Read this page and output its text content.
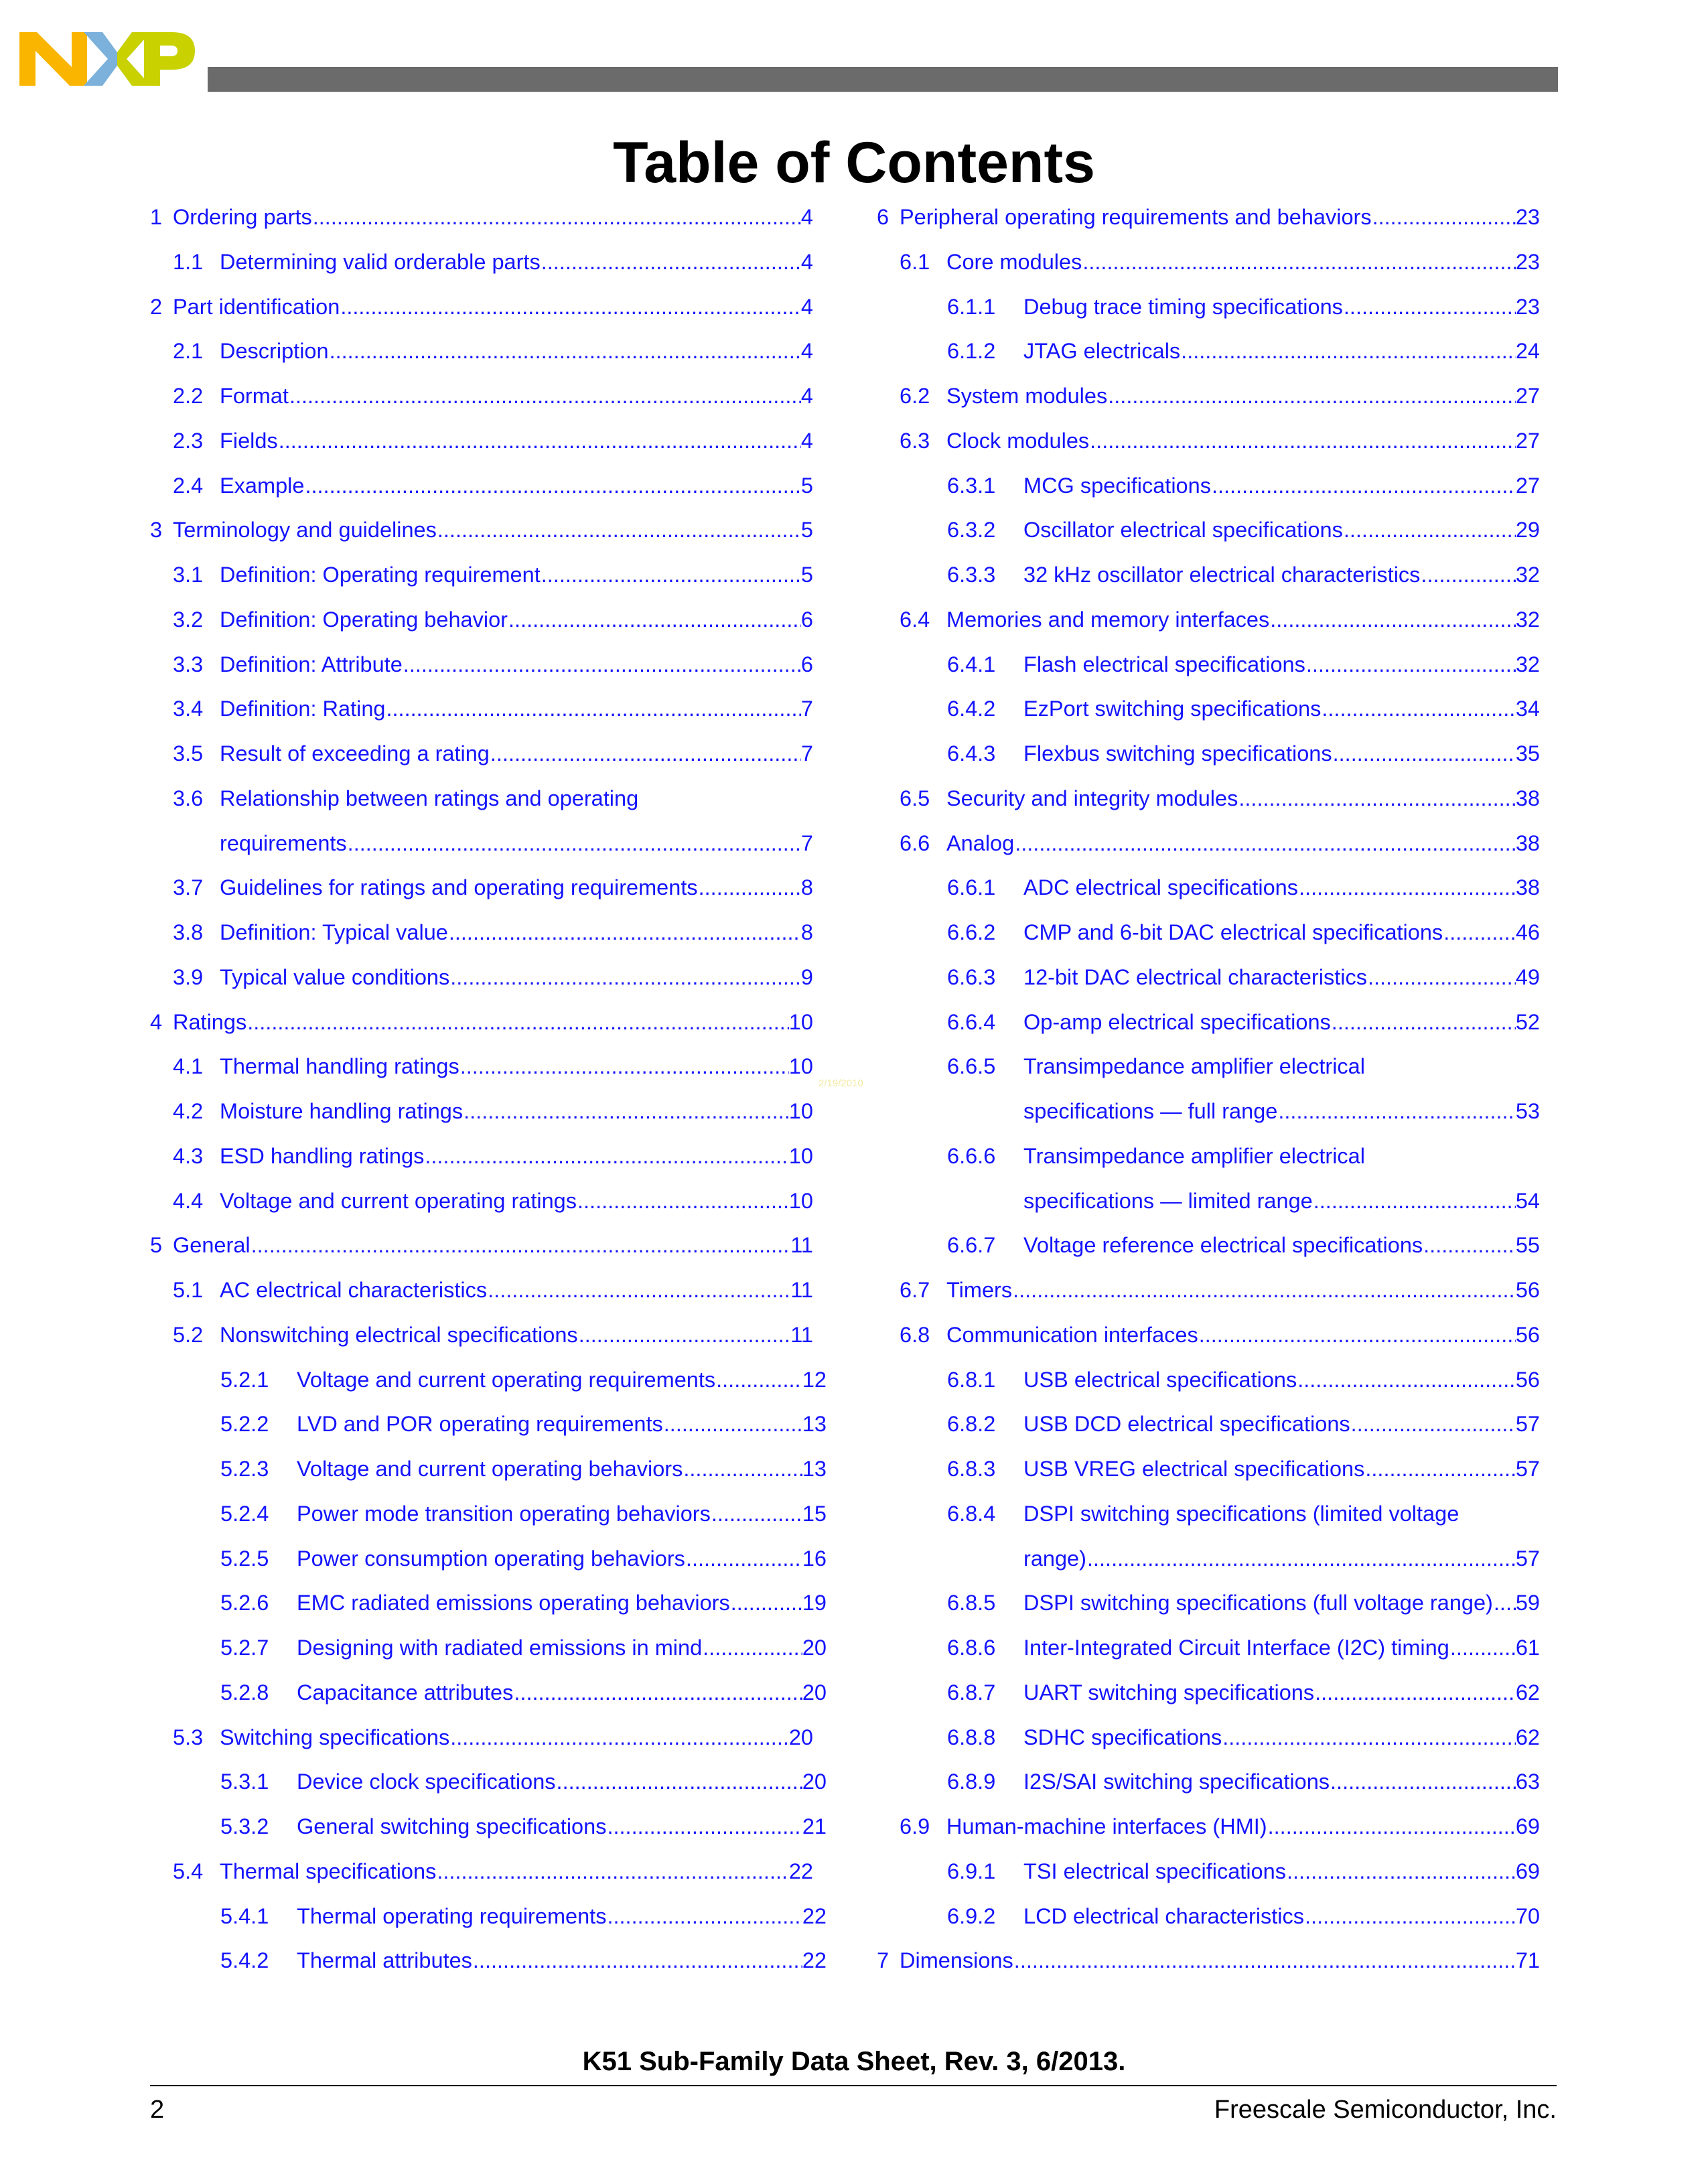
Table of Contents
1 Ordering parts .....	4
1.1 Determining valid orderable parts .....	4
2 Part identification .....	4
2.1 Description .....	4
2.2 Format .....	4
2.3 Fields .....	4
2.4 Example .....	5
3 Terminology and guidelines .....	5
3.1 Definition: Operating requirement .....	5
3.2 Definition: Operating behavior .....	6
3.3 Definition: Attribute .....	6
3.4 Definition: Rating .....	7
3.5 Result of exceeding a rating .....	7
3.6 Relationship between ratings and operating
requirements .....	7
3.7 Guidelines for ratings and operating requirements .....	8
3.8 Definition: Typical value .....	8
3.9 Typical value conditions .....	9
4 Ratings .....	10
4.1 Thermal handling ratings .....	10
4.2 Moisture handling ratings .....	10
4.3 ESD handling ratings .....	10
4.4 Voltage and current operating ratings .....	10
5 General .....	11
5.1 AC electrical characteristics .....	11
5.2 Nonswitching electrical specifications .....	11
5.2.1	Voltage and current operating requirements .....	12
5.2.2	LVD and POR operating requirements .....	13
5.2.3	Voltage and current operating behaviors .....	13
5.2.4	Power mode transition operating behaviors .....	15
5.2.5	Power consumption operating behaviors .....	16
5.2.6	EMC radiated emissions operating behaviors .....	19
5.2.7	Designing with radiated emissions in mind .....	20
5.2.8	Capacitance attributes .....	20
5.3 Switching specifications .....	20
5.3.1	Device clock specifications .....	20
5.3.2	General switching specifications .....	21
5.4 Thermal specifications .....	22
5.4.1	Thermal operating requirements .....	22
5.4.2	Thermal attributes .....	22
6 Peripheral operating requirements and behaviors .....	23
6.1 Core modules .....	23
6.1.1	Debug trace timing specifications .....	23
6.1.2	JTAG electricals .....	24
6.2 System modules .....	27
6.3 Clock modules .....	27
6.3.1	MCG specifications .....	27
6.3.2	Oscillator electrical specifications .....	29
6.3.3	32 kHz oscillator electrical characteristics .....	32
6.4 Memories and memory interfaces .....	32
6.4.1	Flash electrical specifications .....	32
6.4.2	EzPort switching specifications .....	34
6.4.3	Flexbus switching specifications .....	35
6.5 Security and integrity modules .....	38
6.6 Analog .....	38
6.6.1	ADC electrical specifications .....	38
6.6.2	CMP and 6-bit DAC electrical specifications .....	46
6.6.3	12-bit DAC electrical characteristics .....	49
6.6.4	Op-amp electrical specifications .....	52
6.6.5 Transimpedance amplifier electrical
specifications — full range .....	53
6.6.6 Transimpedance amplifier electrical
specifications — limited range .....	54
6.6.7	Voltage reference electrical specifications .....	55
6.7 Timers .....	56
6.8 Communication interfaces .....	56
6.8.1	USB electrical specifications .....	56
6.8.2	USB DCD electrical specifications .....	57
6.8.3	USB VREG electrical specifications .....	57
6.8.4 DSPI switching specifications (limited voltage
range) .....	57
6.8.5	DSPI switching specifications (full voltage range) ..... 59
6.8.6	Inter-Integrated Circuit Interface (I2C) timing .....	61
6.8.7	UART switching specifications .....	62
6.8.8	SDHC specifications .....	62
6.8.9	I2S/SAI switching specifications .....	63
6.9 Human-machine interfaces (HMI) .....	69
6.9.1	TSI electrical specifications .....	69
6.9.2	LCD electrical characteristics .....	70
7 Dimensions .....	71
2/19/2010
K51 Sub-Family Data Sheet, Rev. 3, 6/2013.
2	Freescale Semiconductor, Inc.
